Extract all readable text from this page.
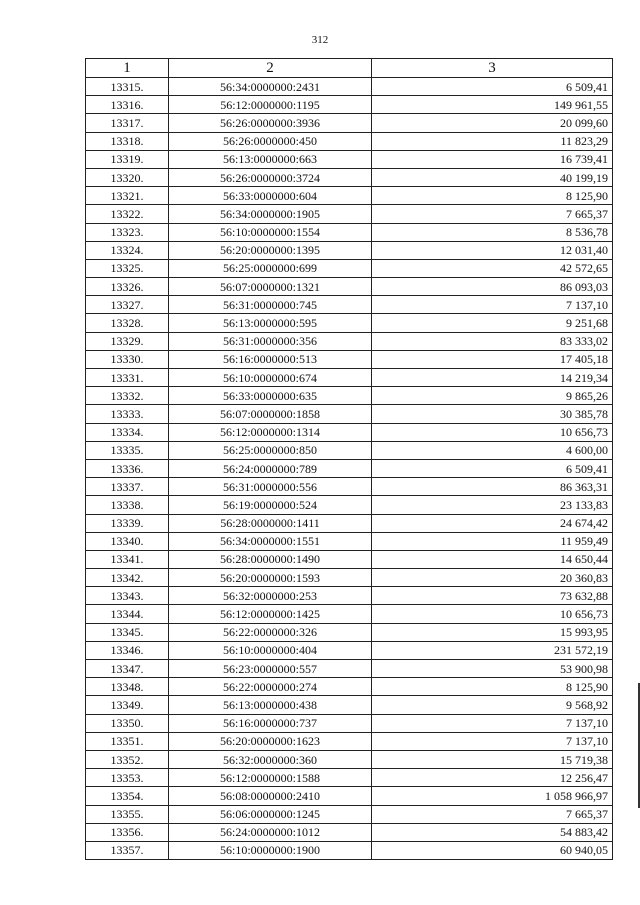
312
1	2	3
13315.	56:34:0000000:2431	6 509,41
13316.	56:12:0000000:1195	149 961,55
13317.	56:26:0000000:3936	20 099,60
13318.	56:26:0000000:450	11 823,29
13319.	56:13:0000000:663	16 739,41
13320.	56:26:0000000:3724	40 199,19
13321.	56:33:0000000:604	8 125,90
13322.	56:34:0000000:1905	7 665,37
13323.	56:10:0000000:1554	8 536,78
13324.	56:20:0000000:1395	12 031,40
13325.	56:25:0000000:699	42 572,65
13326.	56:07:0000000:1321	86 093,03
13327.	56:31:0000000:745	7 137,10
13328.	56:13:0000000:595	9 251,68
13329.	56:31:0000000:356	83 333,02
13330.	56:16:0000000:513	17 405,18
13331.	56:10:0000000:674	14 219,34
13332.	56:33:0000000:635	9 865,26
13333.	56:07:0000000:1858	30 385,78
13334.	56:12:0000000:1314	10 656,73
13335.	56:25:0000000:850	4 600,00
13336.	56:24:0000000:789	6 509,41
13337.	56:31:0000000:556	86 363,31
13338.	56:19:0000000:524	23 133,83
13339.	56:28:0000000:1411	24 674,42
13340.	56:34:0000000:1551	11 959,49
13341.	56:28:0000000:1490	14 650,44
13342.	56:20:0000000:1593	20 360,83
13343.	56:32:0000000:253	73 632,88
13344.	56:12:0000000:1425	10 656,73
13345.	56:22:0000000:326	15 993,95
13346.	56:10:0000000:404	231 572,19
13347.	56:23:0000000:557	53 900,98
13348.	56:22:0000000:274	8 125,90
13349.	56:13:0000000:438	9 568,92
13350.	56:16:0000000:737	7 137,10
13351.	56:20:0000000:1623	7 137,10
13352.	56:32:0000000:360	15 719,38
13353.	56:12:0000000:1588	12 256,47
13354.	56:08:0000000:2410	1 058 966,97
13355.	56:06:0000000:1245	7 665,37
13356.	56:24:0000000:1012	54 883,42
13357.	56:10:0000000:1900	60 940,05
